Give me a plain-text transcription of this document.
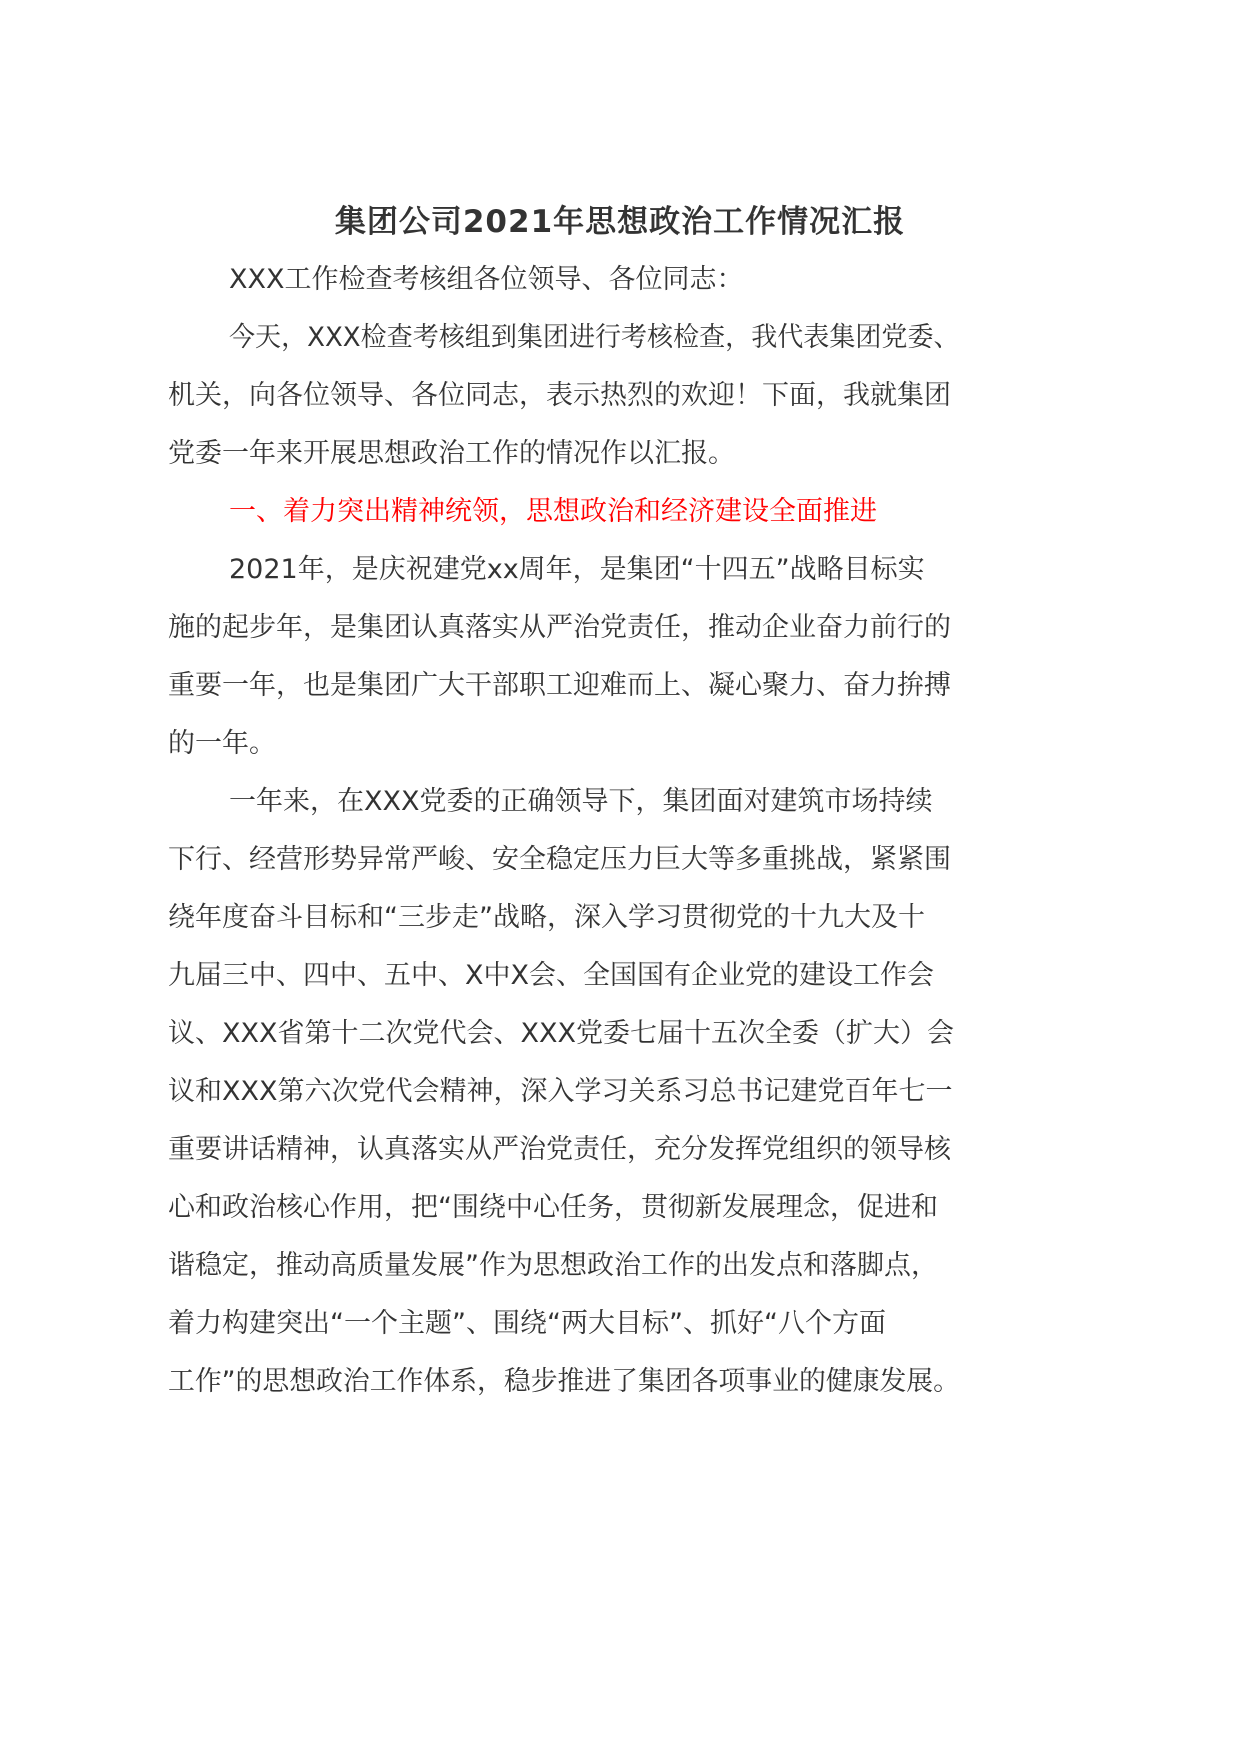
集团公司2021年思想政治工作情况汇报
XXX工作检查考核组各位领导、各位同志：
今天，XXX检查考核组到集团进行考核检查，我代表集团党委、
机关，向各位领导、各位同志，表示热烈的欢迎！下面，我就集团
党委一年来开展思想政治工作的情况作以汇报。
一、着力突出精神统领，思想政治和经济建设全面推进
2021年，是庆祝建党xx周年，是集团“十四五”战略目标实
施的起步年，是集团认真落实从严治党责任，推动企业奋力前行的
重要一年，也是集团广大干部职工迎难而上、凝心聚力、奋力拚搏
的一年。
一年来，在XXX党委的正确领导下，集团面对建筑市场持续
下行、经营形势异常严峻、安全稳定压力巨大等多重挑战，紧紧围
绕年度奋斗目标和“三步走”战略，深入学习贯彻党的十九大及十
九届三中、四中、五中、X中X会、全国国有企业党的建设工作会
议、XXX省第十二次党代会、XXX党委七届十五次全委（扩大）会
议和XXX第六次党代会精神，深入学习关系习总书记建党百年七一
重要讲话精神，认真落实从严治党责任，充分发挥党组织的领导核
心和政治核心作用，把“围绕中心任务，贯彻新发展理念，促进和
谐稳定，推动高质量发展”作为思想政治工作的出发点和落脚点，
着力构建突出“一个主题”、围绕“两大目标”、抓好“八个方面
工作”的思想政治工作体系，稳步推进了集团各项事业的健康发展。
